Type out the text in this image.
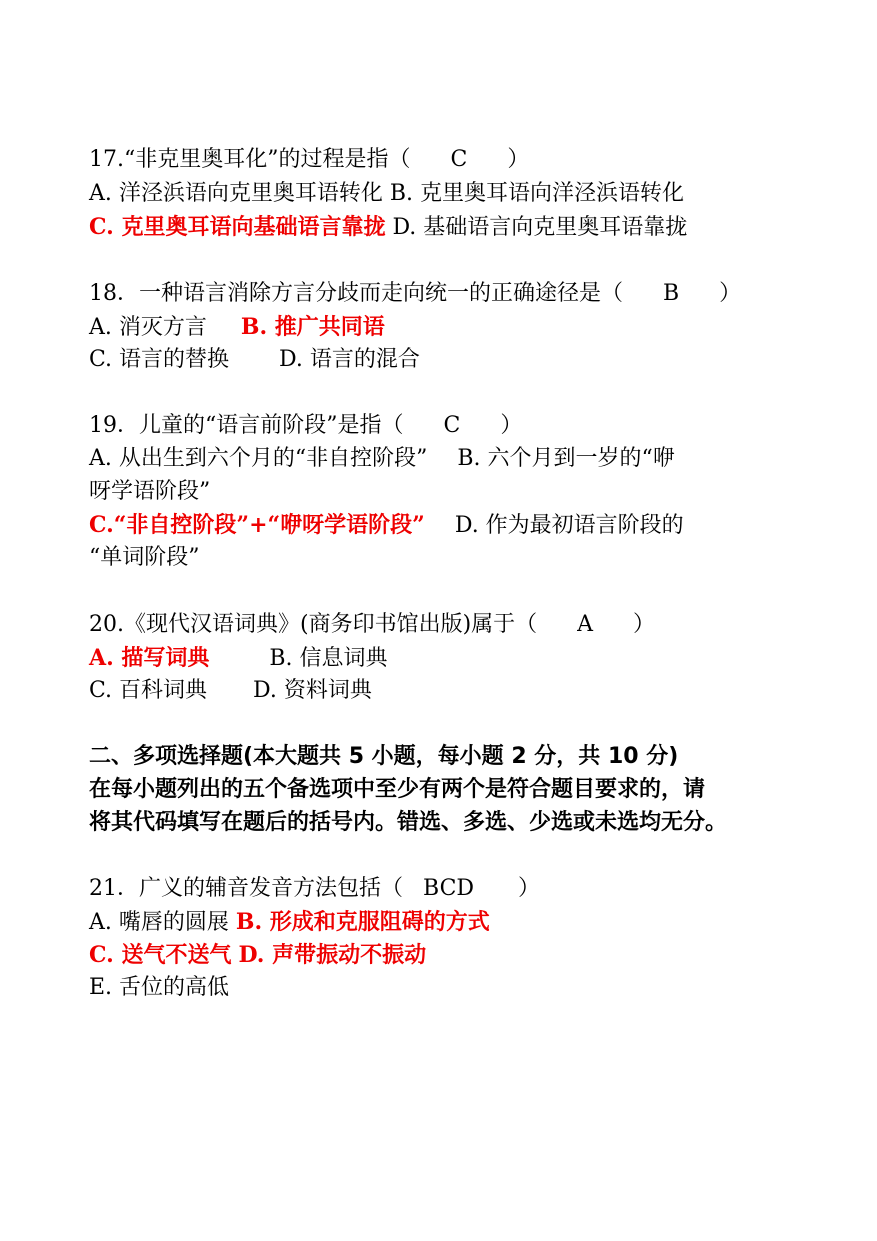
17.“非克里奥耳化”的过程是指（ C ）
A. 洋泾浜语向克里奥耳语转化 B. 克里奥耳语向洋泾浜语转化
C. 克里奥耳语向基础语言靠拢 D. 基础语言向克里奥耳语靠拢
18．一种语言消除方言分歧而走向统一的正确途径是（ B ）
A. 消灭方言 B. 推广共同语
C. 语言的替换 D. 语言的混合
19．儿童的“语言前阶段”是指（ C ）
A. 从出生到六个月的“非自控阶段” B. 六个月到一岁的“咿
呀学语阶段”
C.“非自控阶段”+“咿呀学语阶段” D. 作为最初语言阶段的
“单词阶段”
20.《现代汉语词典》(商务印书馆出版)属于（ A ）
A. 描写词典	B. 信息词典
C. 百科词典 D. 资料词典
二、多项选择题(本大题共 5 小题，每小题 2 分，共 10 分)
在每小题列出的五个备选项中至少有两个是符合题目要求的，请
将其代码填写在题后的括号内。错选、多选、少选或未选均无分。
21．广义的辅音发音方法包括（ BCD ）
A. 嘴唇的圆展 B. 形成和克服阻碍的方式
C. 送气不送气 D. 声带振动不振动
E. 舌位的高低
